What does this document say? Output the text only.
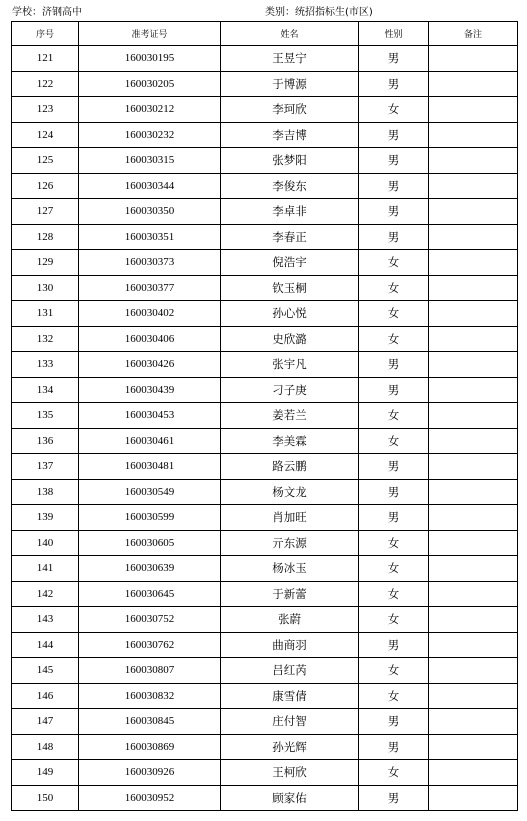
学校：济钢高中	类别：统招指标生(市区)
序号	准考证号	姓名	性别	备注
121	160030195	王昱宁	男	
122	160030205	于博源	男	
123	160030212	李珂欣	女	
124	160030232	李吉博	男	
125	160030315	张梦阳	男	
126	160030344	李俊东	男	
127	160030350	李卓非	男	
128	160030351	李春正	男	
129	160030373	倪浩宇	女	
130	160030377	钦玉桐	女	
131	160030402	孙心悦	女	
132	160030406	史欣潞	女	
133	160030426	张宇凡	男	
134	160030439	刁子庚	男	
135	160030453	姜若兰	女	
136	160030461	李美霖	女	
137	160030481	路云鹏	男	
138	160030549	杨文龙	男	
139	160030599	肖加旺	男	
140	160030605	亓东源	女	
141	160030639	杨冰玉	女	
142	160030645	于新蕾	女	
143	160030752	张蔚	女	
144	160030762	曲商羽	男	
145	160030807	吕红芮	女	
146	160030832	康雪倩	女	
147	160030845	庄付智	男	
148	160030869	孙光辉	男	
149	160030926	王柯欣	女	
150	160030952	顾家佑	男	
